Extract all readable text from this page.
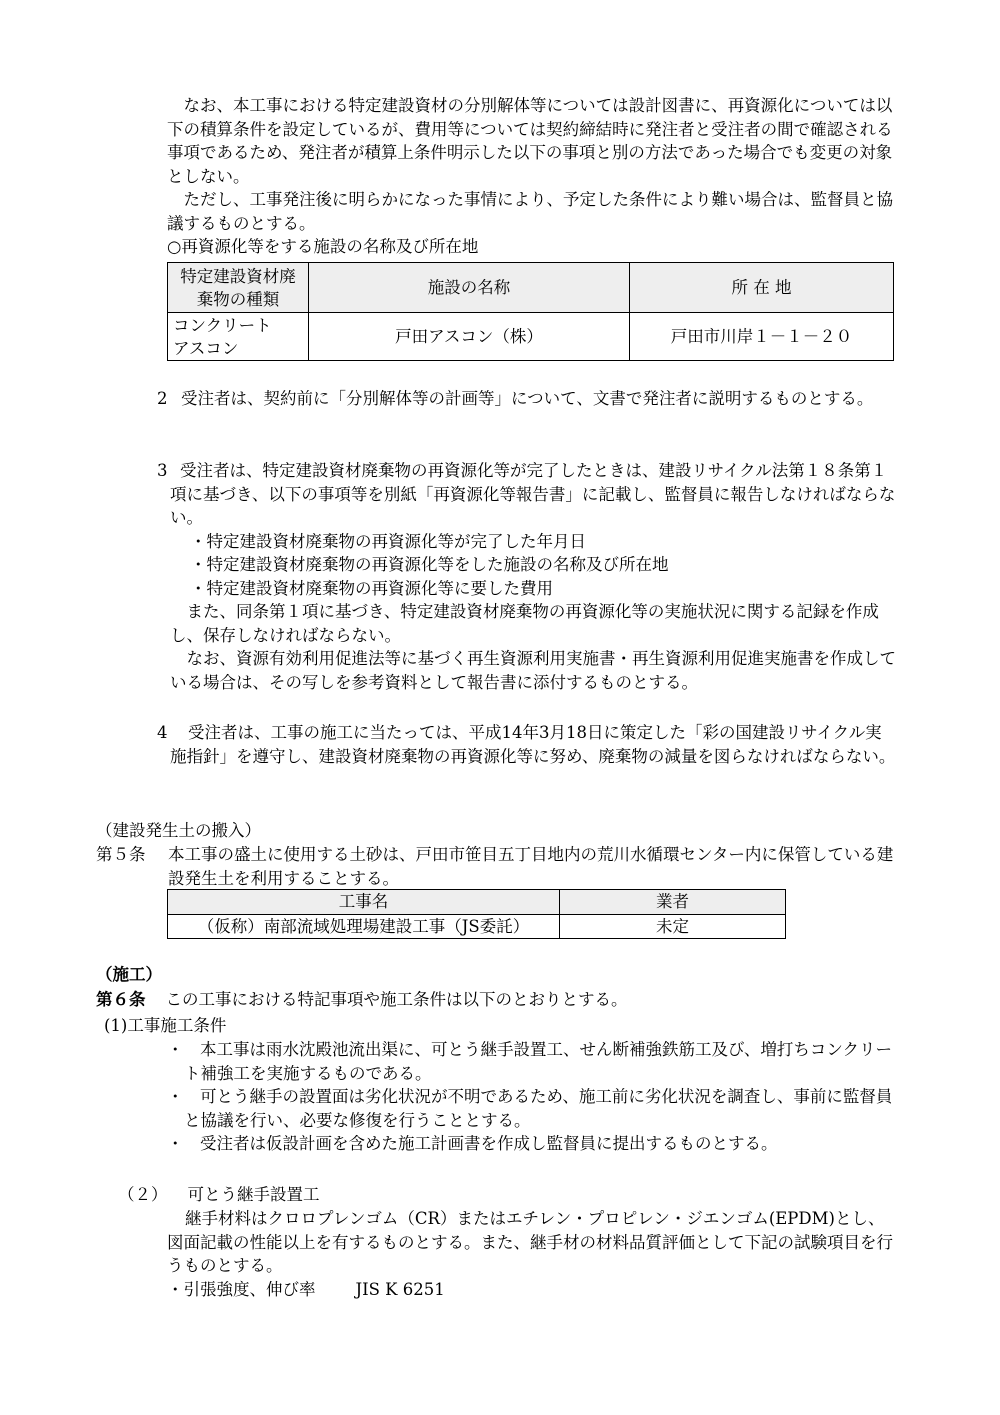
なお、本工事における特定建設資材の分別解体等については設計図書に、再資源化については以下の積算条件を設定しているが、費用等については契約締結時に発注者と受注者の間で確認される事項であるため、発注者が積算上条件明示した以下の事項と別の方法であった場合でも変更の対象としない。

ただし、工事発注後に明らかになった事情により、予定した条件により難い場合は、監督員と協議するものとする。

○再資源化等をする施設の名称及び所在地

特定建設資材廃棄物の種類	施設の名称	所 在 地

コンクリート
アスコン	戸田アスコン（株）	戸田市川岸１－１－２０
2 受注者は、契約前に「分別解体等の計画等」について、文書で発注者に説明するものとする。
3 受注者は、特定建設資材廃棄物の再資源化等が完了したときは、建設リサイクル法第１８条第１項に基づき、以下の事項等を別紙「再資源化等報告書」に記載し、監督員に報告しなければならない。

・特定建設資材廃棄物の再資源化等が完了した年月日

・特定建設資材廃棄物の再資源化等をした施設の名称及び所在地

・特定建設資材廃棄物の再資源化等に要した費用

また、同条第１項に基づき、特定建設資材廃棄物の再資源化等の実施状況に関する記録を作成し、保存しなければならない。

なお、資源有効利用促進法等に基づく再生資源利用実施書・再生資源利用促進実施書を作成している場合は、その写しを参考資料として報告書に添付するものとする。

4	受注者は、工事の施工に当たっては、平成14年3月18日に策定した「彩の国建設リサイクル実施指針」を遵守し、建設資材廃棄物の再資源化等に努め、廃棄物の減量を図らなければならない。

（建設発生土の搬入）

第５条	本工事の盛土に使用する土砂は、戸田市笹目五丁目地内の荒川水循環センター内に保管している建設発生土を利用することする。

工事名	業者
（仮称）南部流域処理場建設工事（JS委託）	未定

（施工）

第６条 この工事における特記事項や施工条件は以下のとおりとする。

(1)工事施工条件

・	本工事は雨水沈殿池流出渠に、可とう継手設置工、せん断補強鉄筋工及び、増打ちコンクリート補強工を実施するものである。

・	可とう継手の設置面は劣化状況が不明であるため、施工前に劣化状況を調査し、事前に監督員と協議を行い、必要な修復を行うこととする。

・	受注者は仮設計画を含めた施工計画書を作成し監督員に提出するものとする。

（２） 可とう継手設置工

継手材料はクロロプレンゴム（CR）またはエチレン・プロピレン・ジエンゴム(EPDM)とし、図面記載の性能以上を有するものとする。また、継手材の材料品質評価として下記の試験項目を行うものとする。

・引張強度、伸び率 JIS K 6251
